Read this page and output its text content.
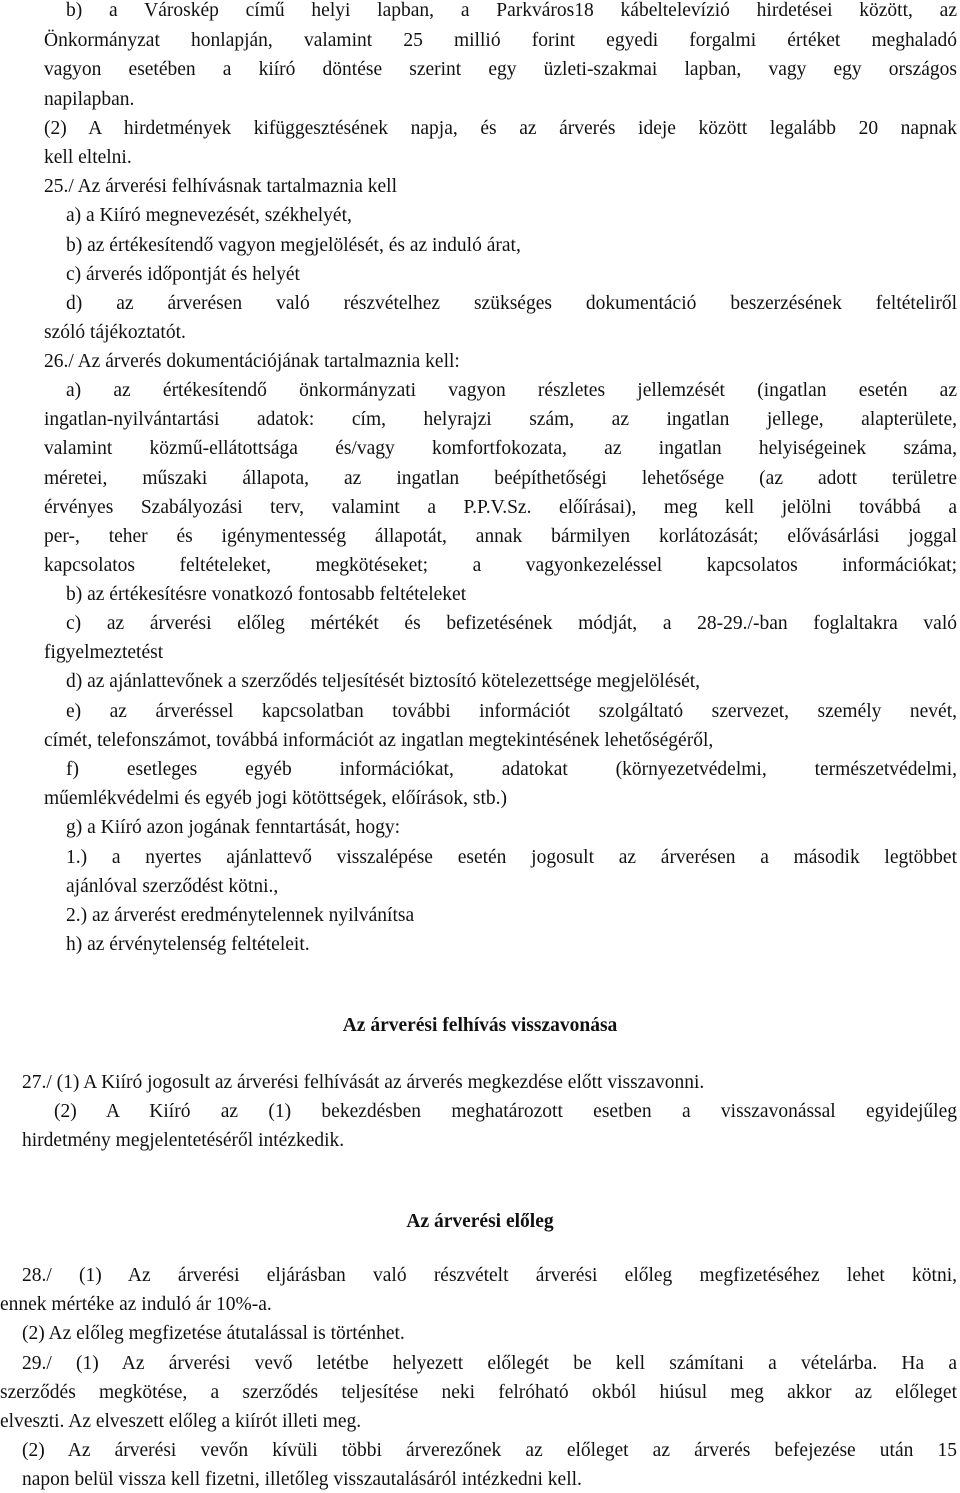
b) a Városkép című helyi lapban, a Parkváros18 kábeltelevízió hirdetései között, az

Önkormányzat honlapján, valamint 25 millió forint egyedi forgalmi értéket meghaladó

vagyon esetében a kiíró döntése szerint egy üzleti-szakmai lapban, vagy egy országos

napilapban.

(2) A hirdetmények kifüggesztésének napja, és az árverés ideje között legalább 20 napnak

kell eltelni.

25./ Az árverési felhívásnak tartalmaznia kell

a) a Kiíró megnevezését, székhelyét,

b) az értékesítendő vagyon megjelölését, és az induló árat,

c) árverés időpontját és helyét

d) az árverésen való részvételhez szükséges dokumentáció beszerzésének feltételiről

szóló tájékoztatót.

26./ Az árverés dokumentációjának tartalmaznia kell:

a) az értékesítendő önkormányzati vagyon részletes jellemzését (ingatlan esetén az

ingatlan-nyilvántartási adatok: cím, helyrajzi szám, az ingatlan jellege, alapterülete,

valamint közmű-ellátottsága és/vagy komfortfokozata, az ingatlan helyiségeinek száma,

méretei, műszaki állapota, az ingatlan beépíthetőségi lehetősége (az adott területre

érvényes Szabályozási terv, valamint a P.P.V.Sz. előírásai), meg kell jelölni továbbá a

per-, teher és igénymentesség állapotát, annak bármilyen korlátozását; elővásárlási joggal

kapcsolatos feltételeket, megkötéseket; a vagyonkezeléssel kapcsolatos információkat;

b) az értékesítésre vonatkozó fontosabb feltételeket

c) az árverési előleg mértékét és befizetésének módját, a 28-29./-ban foglaltakra való

figyelmeztetést

d) az ajánlattevőnek a szerződés teljesítését biztosító kötelezettsége megjelölését,

e) az árveréssel kapcsolatban további információt szolgáltató szervezet, személy nevét,

címét, telefonszámot, továbbá információt az ingatlan megtekintésének lehetőségéről,

f) esetleges egyéb információkat, adatokat (környezetvédelmi, természetvédelmi,

műemlékvédelmi és egyéb jogi kötöttségek, előírások, stb.)

g) a Kiíró azon jogának fenntartását, hogy:

1.) a nyertes ajánlattevő visszalépése esetén jogosult az árverésen a második legtöbbet

ajánlóval szerződést kötni.,

2.) az árverést eredménytelennek nyilvánítsa

h) az érvénytelenség feltételeit.

Az árverési felhívás visszavonása

27./ (1) A Kiíró jogosult az árverési felhívását az árverés megkezdése előtt visszavonni.

(2) A Kiíró az (1) bekezdésben meghatározott esetben a visszavonással egyidejűleg

hirdetmény megjelentetéséről intézkedik.

Az árverési előleg

28./ (1) Az árverési eljárásban való részvételt árverési előleg megfizetéséhez lehet kötni,

ennek mértéke az induló ár 10%-a.

(2) Az előleg megfizetése átutalással is történhet.

29./ (1) Az árverési vevő letétbe helyezett előlegét be kell számítani a vételárba. Ha a

szerződés megkötése, a szerződés teljesítése neki felróható okból hiúsul meg akkor az előleget

elveszti. Az elveszett előleg a kiírót illeti meg.

(2) Az árverési vevőn kívüli többi árverezőnek az előleget az árverés befejezése után 15

napon belül vissza kell fizetni, illetőleg visszautalásáról intézkedni kell.
